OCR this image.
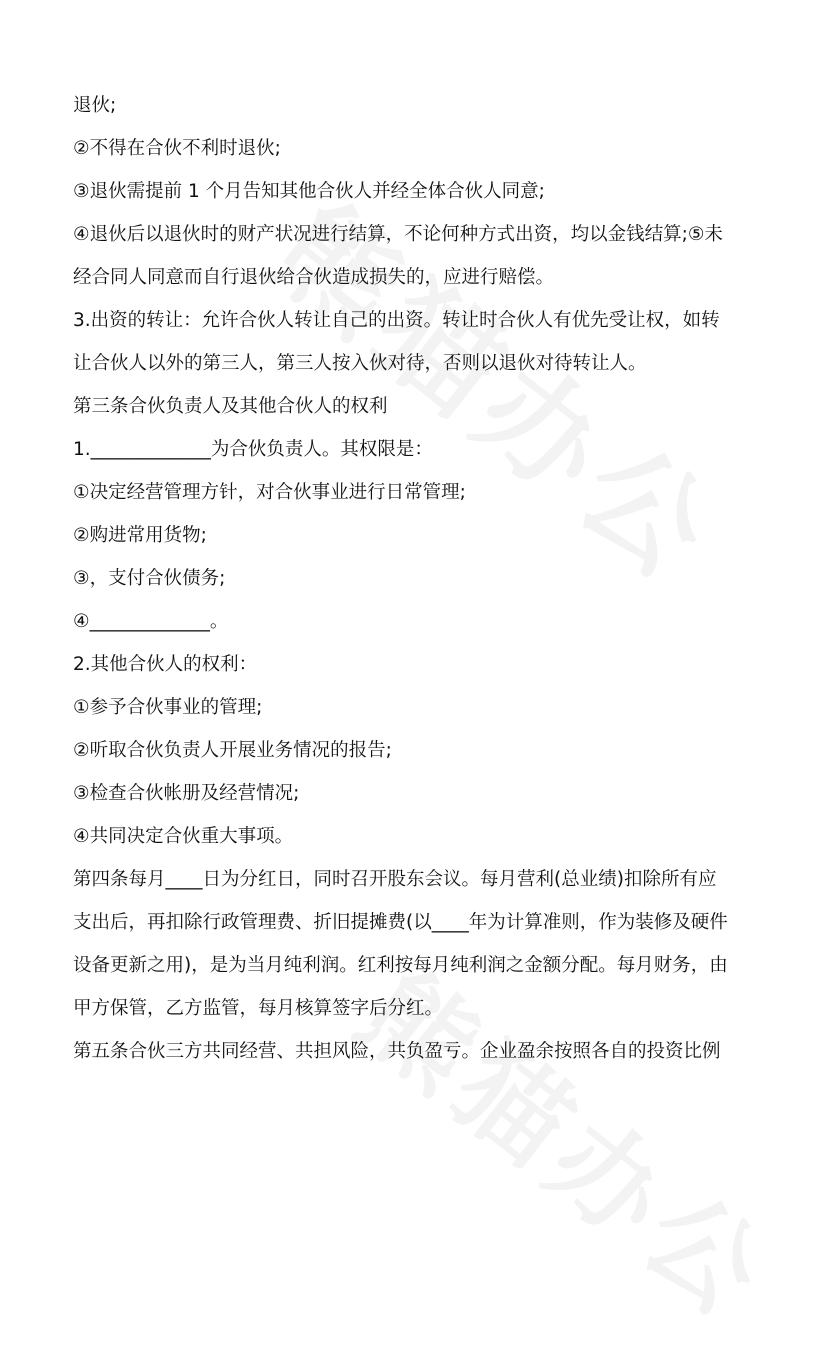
退伙;

②不得在合伙不利时退伙;

③退伙需提前 1 个月告知其他合伙人并经全体合伙人同意;

④退伙后以退伙时的财产状况进行结算，不论何种方式出资，均以金钱结算;⑤未

经合同人同意而自行退伙给合伙造成损失的，应进行赔偿。

3.出资的转让：允许合伙人转让自己的出资。转让时合伙人有优先受让权，如转

让合伙人以外的第三人，第三人按入伙对待，否则以退伙对待转让人。

第三条合伙负责人及其他合伙人的权利

1._____________为合伙负责人。其权限是：

①决定经营管理方针，对合伙事业进行日常管理;

②购进常用货物;

③，支付合伙债务;

④_____________。

2.其他合伙人的权利：

①参予合伙事业的管理;

②听取合伙负责人开展业务情况的报告;

③检查合伙帐册及经营情况;

④共同决定合伙重大事项。

第四条每月____日为分红日，同时召开股东会议。每月营利(总业绩)扣除所有应

支出后，再扣除行政管理费、折旧提摊费(以____年为计算准则，作为装修及硬件

设备更新之用)，是为当月纯利润。红利按每月纯利润之金额分配。每月财务，由

甲方保管，乙方监管，每月核算签字后分红。

第五条合伙三方共同经营、共担风险，共负盈亏。企业盈余按照各自的投资比例
